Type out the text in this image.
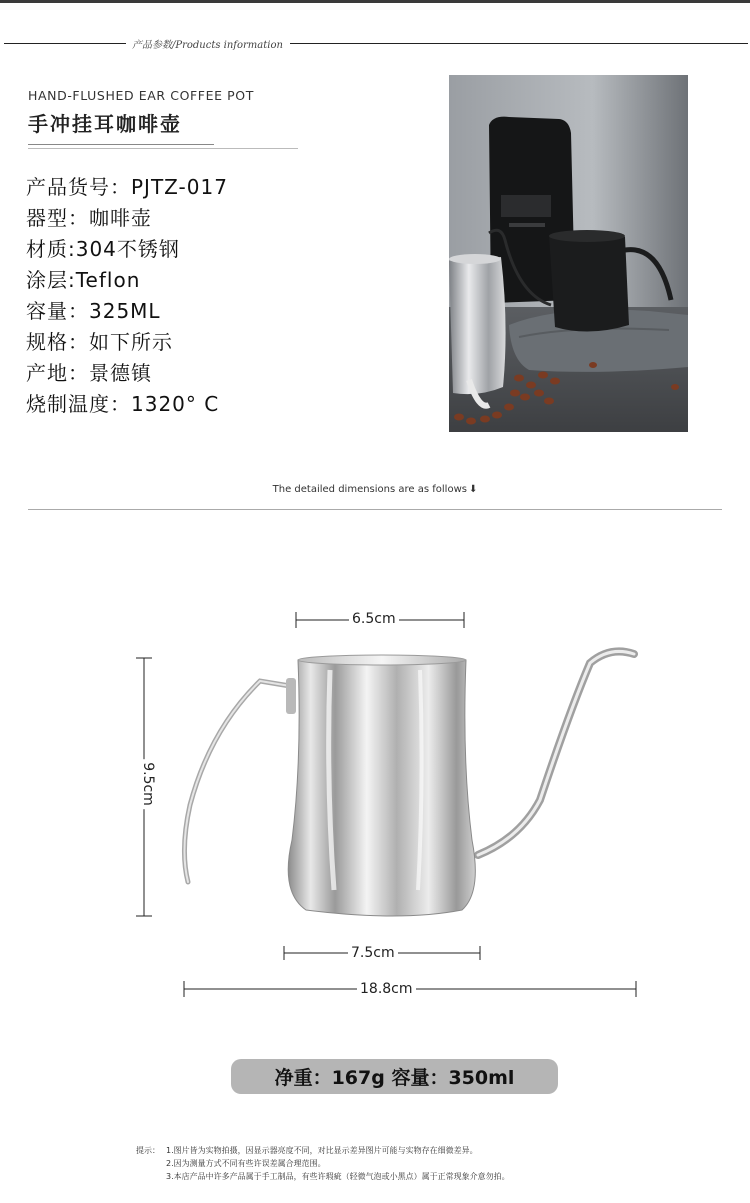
产品参数/Products information
HAND-FLUSHED EAR COFFEE POT
手冲挂耳咖啡壶
产品货号：PJTZ-017
器型：咖啡壶
材质:304不锈钢
涂层:Teflon
容量：325ML
规格：如下所示
产地：景德镇
烧制温度：1320° C
The detailed dimensions are as follows ⬇
6.5cm
9.5cm
7.5cm
18.8cm
净重：167g 容量：350ml
提示： 1.图片皆为实物拍摄，因显示器亮度不同，对比显示差异图片可能与实物存在细微差异。
2.因为测量方式不同有些许误差属合理范围。
3.本店产品中许多产品属于手工制品，有些许瑕疵（轻微气泡或小黑点）属于正常现象介意勿拍。
